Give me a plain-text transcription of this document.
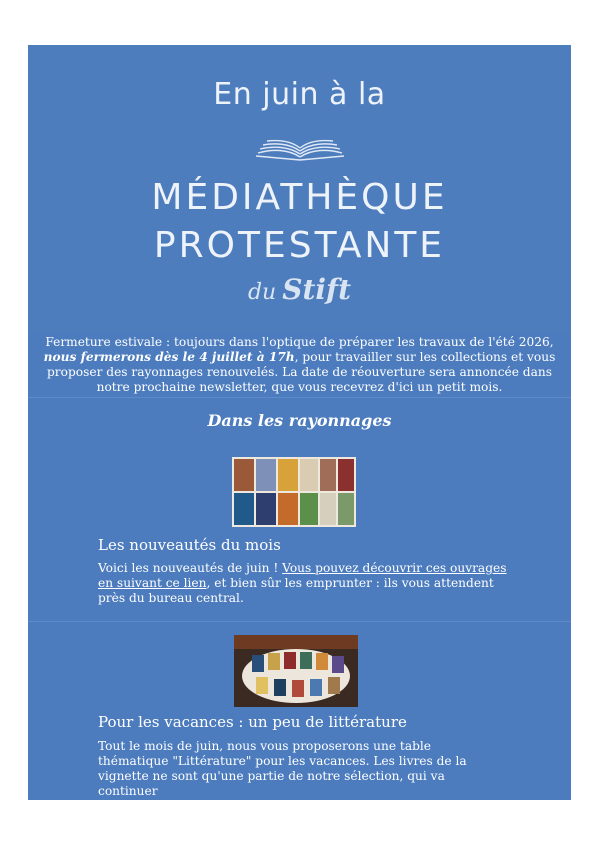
En juin à la
MÉDIATHÈQUE
PROTESTANTE
du Stift
Fermeture estivale : toujours dans l'optique de préparer les travaux de l'été 2026, nous fermerons dès le 4 juillet à 17h, pour travailler sur les collections et vous proposer des rayonnages renouvelés. La date de réouverture sera annoncée dans notre prochaine newsletter, que vous recevrez d'ici un petit mois.
Dans les rayonnages
Les nouveautés du mois
Voici les nouveautés de juin ! Vous pouvez découvrir ces ouvrages en suivant ce lien, et bien sûr les emprunter : ils vous attendent près du bureau central.
Pour les vacances : un peu de littérature
Tout le mois de juin, nous vous proposerons une table thématique "Littérature" pour les vacances. Les livres de la vignette ne sont qu'une partie de notre sélection, qui va continuer
